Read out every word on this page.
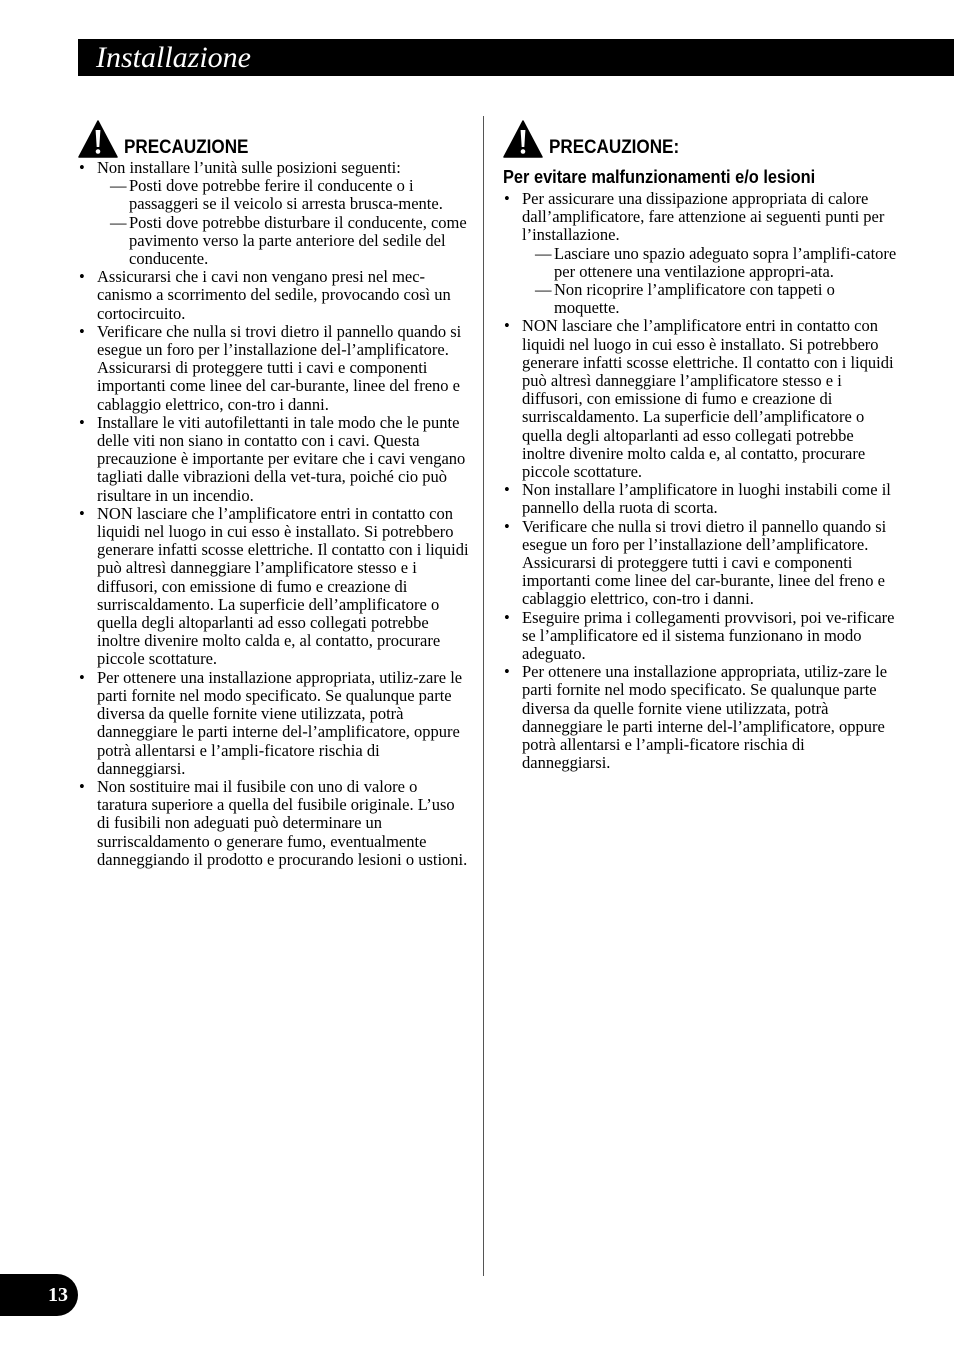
Installazione
PRECAUZIONE
• Non installare l’unità sulle posizioni seguenti:
— Posti dove potrebbe ferire il conducente o i passaggeri se il veicolo si arresta brusca-mente.
— Posti dove potrebbe disturbare il conducente, come pavimento verso la parte anteriore del sedile del conducente.
• Assicurarsi che i cavi non vengano presi nel mec-canismo a scorrimento del sedile, provocando così un cortocircuito.
• Verificare che nulla si trovi dietro il pannello quando si esegue un foro per l’installazione del-l’amplificatore. Assicurarsi di proteggere tutti i cavi e componenti importanti come linee del car-burante, linee del freno e cablaggio elettrico, con-tro i danni.
• Installare le viti autofilettanti in tale modo che le punte delle viti non siano in contatto con i cavi. Questa precauzione è importante per evitare che i cavi vengano tagliati dalle vibrazioni della vet-tura, poiché cio può risultare in un incendio.
• NON lasciare che l’amplificatore entri in contatto con liquidi nel luogo in cui esso è installato. Si potrebbero generare infatti scosse elettriche. Il contatto con i liquidi può altresì danneggiare l’amplificatore stesso e i diffusori, con emissione di fumo e creazione di surriscaldamento. La superficie dell’amplificatore o quella degli altoparlanti ad esso collegati potrebbe inoltre divenire molto calda e, al contatto, procurare piccole scottature.
• Per ottenere una installazione appropriata, utiliz-zare le parti fornite nel modo specificato. Se qualunque parte diversa da quelle fornite viene utilizzata, potrà danneggiare le parti interne del-l’amplificatore, oppure potrà allentarsi e l’ampli-ficatore rischia di danneggiarsi.
• Non sostituire mai il fusibile con uno di valore o taratura superiore a quella del fusibile originale. L’uso di fusibili non adeguati può determinare un surriscaldamento o generare fumo, eventualmente danneggiando il prodotto e procurando lesioni o ustioni.
PRECAUZIONE:
Per evitare malfunzionamenti e/o lesioni
• Per assicurare una dissipazione appropriata di calore dall’amplificatore, fare attenzione ai seguenti punti per l’installazione.
— Lasciare uno spazio adeguato sopra l’amplifi-catore per ottenere una ventilazione appropri-ata.
— Non ricoprire l’amplificatore con tappeti o moquette.
• NON lasciare che l’amplificatore entri in contatto con liquidi nel luogo in cui esso è installato. Si potrebbero generare infatti scosse elettriche. Il contatto con i liquidi può altresì danneggiare l’amplificatore stesso e i diffusori, con emissione di fumo e creazione di surriscaldamento. La superficie dell’amplificatore o quella degli altoparlanti ad esso collegati potrebbe inoltre divenire molto calda e, al contatto, procurare piccole scottature.
• Non installare l’amplificatore in luoghi instabili come il pannello della ruota di scorta.
• Verificare che nulla si trovi dietro il pannello quando si esegue un foro per l’installazione dell’amplificatore. Assicurarsi di proteggere tutti i cavi e componenti importanti come linee del car-burante, linee del freno e cablaggio elettrico, con-tro i danni.
• Eseguire prima i collegamenti provvisori, poi ve-rificare se l’amplificatore ed il sistema funzionano in modo adeguato.
• Per ottenere una installazione appropriata, utiliz-zare le parti fornite nel modo specificato. Se qualunque parte diversa da quelle fornite viene utilizzata, potrà danneggiare le parti interne del-l’amplificatore, oppure potrà allentarsi e l’ampli-ficatore rischia di danneggiarsi.
13
